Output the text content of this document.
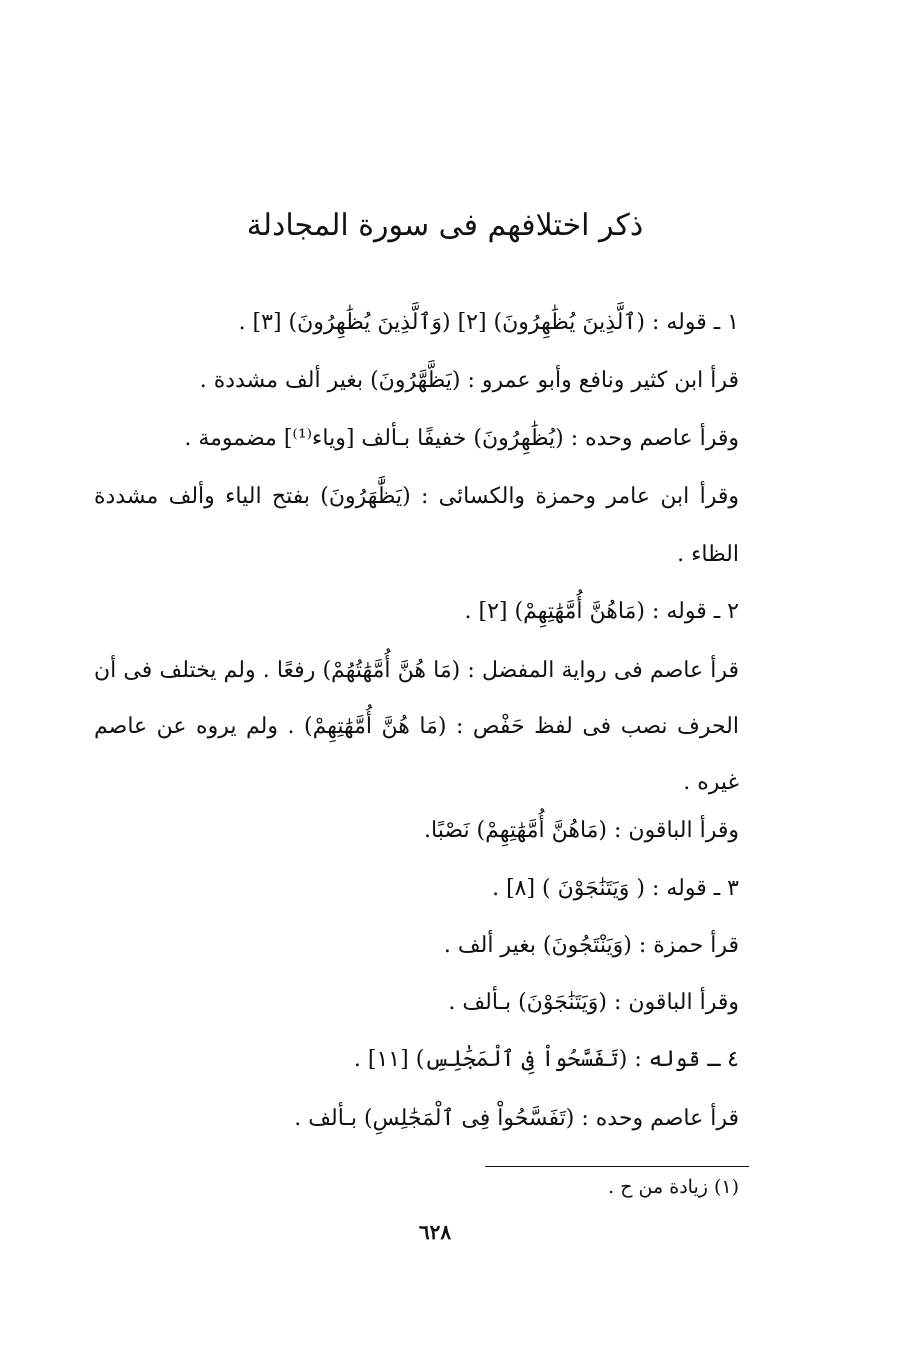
ذكر اختلافهم فى سورة المجادلة
١ ـ قوله : (ٱلَّذِينَ يُظَٰهِرُونَ) [٢] (وَٱلَّذِينَ يُظَٰهِرُونَ) [٣] .
قرأ ابن كثير ونافع وأبو عمرو : (يَظَّهَّرُونَ) بغير ألف مشددة .
وقرأ عاصم وحده : (يُظَٰهِرُونَ) خفيفًا بـألف [وياء⁽¹⁾] مضمومة .
وقرأ ابن عامر وحمزة والكسائى : (يَظَّٰهَرُونَ) بفتح الياء وألف مشددة
الظاء .
٢ ـ قوله : (مَاهُنَّ أُمَّهَٰتِهِمْ) [٢] .
قرأ عاصم فى رواية المفضل : (مَا هُنَّ أُمَّهَٰتُهُمْ) رفعًا . ولم يختلف فى أن
الحرف نصب فى لفظ حَفْص : (مَا هُنَّ أُمَّهَٰتِهِمْ) . ولم يروه عن عاصم
غيره .
وقرأ الباقون : (مَاهُنَّ أُمَّهَٰتِهِمْ) نَصْبًا.
٣ ـ قوله : ( وَيَتَنَٰجَوْنَ ) [٨] .
قرأ حمزة : (وَيَنْتَجُونَ) بغير ألف .
وقرأ الباقون : (وَيَتَنَٰجَوْنَ) بـألف .
٤ ـ قوله : (تَفَسَّحُواْ فِى ٱلْمَجَٰلِسِ) [١١] .
قرأ عاصم وحده : (تَفَسَّحُواْ فِى ٱلْمَجَٰلِسِ) بـألف .
(١) زيادة من ح .
٦٢٨
